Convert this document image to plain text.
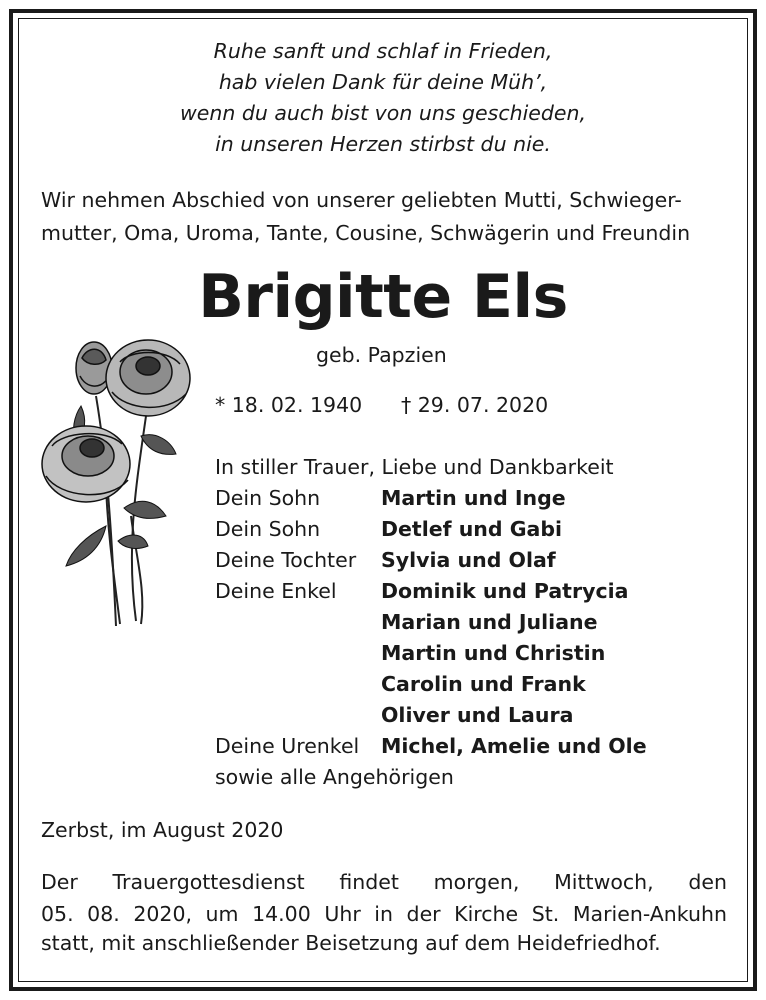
Ruhe sanft und schlaf in Frieden,
hab vielen Dank für deine Müh’,
wenn du auch bist von uns geschieden,
in unseren Herzen stirbst du nie.
Wir nehmen Abschied von unserer geliebten Mutti, Schwieger-
mutter, Oma, Uroma, Tante, Cousine, Schwägerin und Freundin
Brigitte Els
geb. Papzien
* 18. 02. 1940 † 29. 07. 2020
In stiller Trauer, Liebe und Dankbarkeit
Dein Sohn	Martin und Inge
Dein Sohn	Detlef und Gabi
Deine Tochter Sylvia und Olaf
Deine Enkel Dominik und Patrycia
Marian und Juliane
Martin und Christin
Carolin und Frank
Oliver und Laura
Deine Urenkel Michel, Amelie und Ole
sowie alle Angehörigen
Zerbst, im August 2020
Der Trauergottesdienst findet morgen, Mittwoch, den
05. 08. 2020, um 14.00 Uhr in der Kirche St. Marien-Ankuhn
statt, mit anschließender Beisetzung auf dem Heidefriedhof.
